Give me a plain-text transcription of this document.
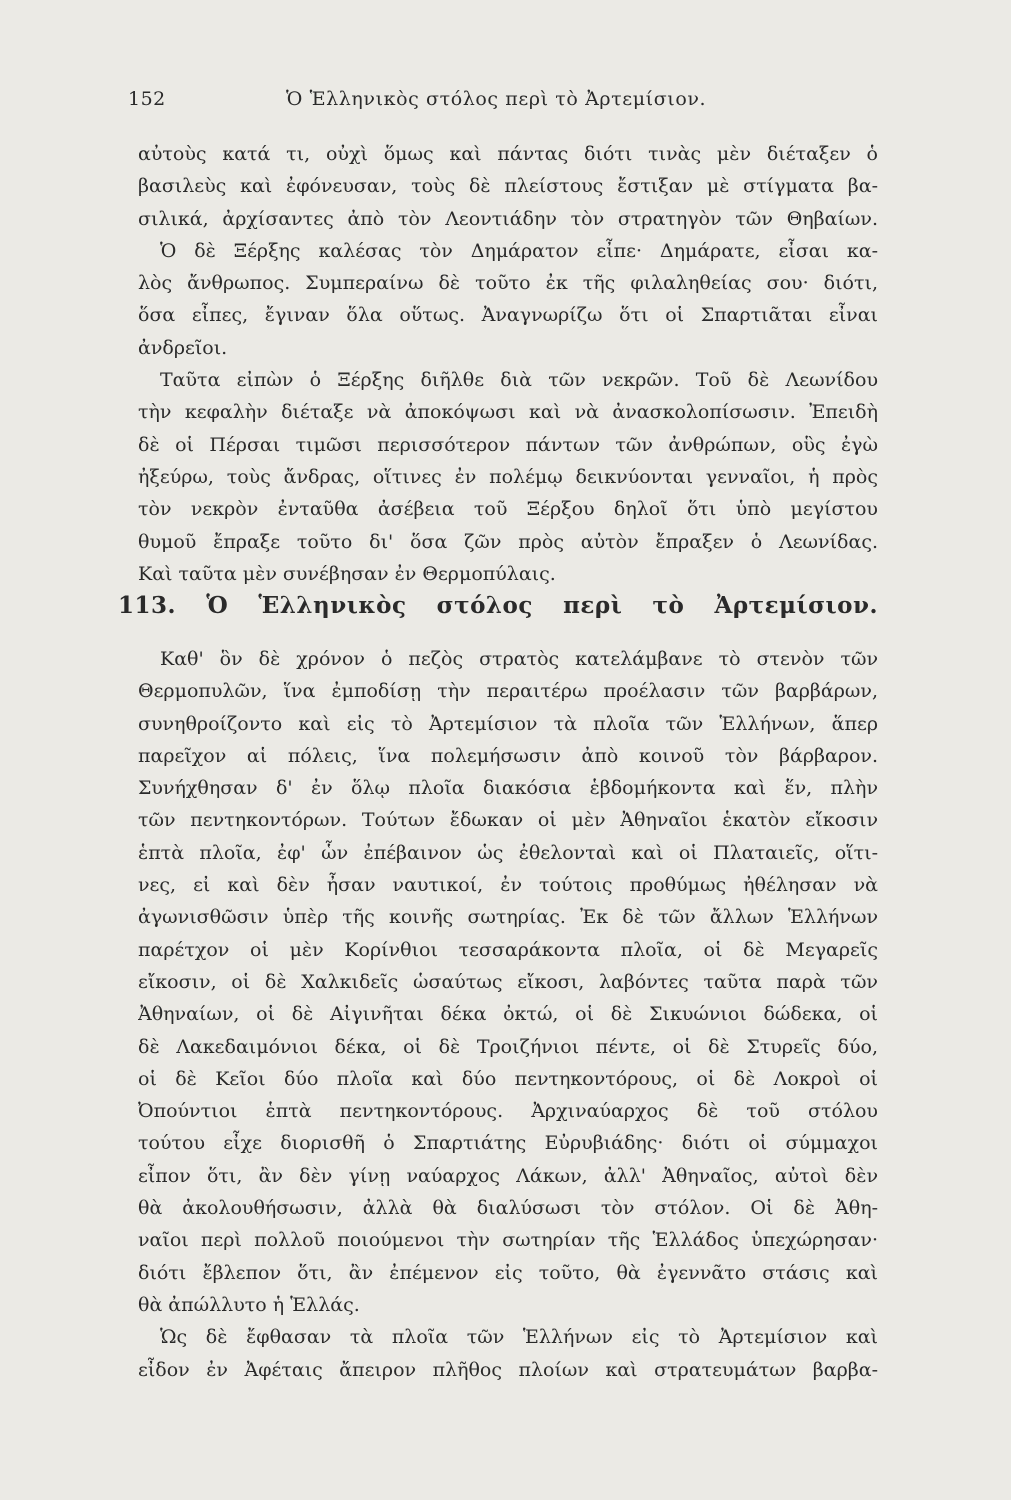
152	Ὁ Ἑλληνικὸς στόλος περὶ τὸ Ἀρτεμίσιον.
αὐτοὺς κατά τι, οὐχὶ ὅμως καὶ πάντας διότι τινὰς μὲν διέταξεν ὁ
βασιλεὺς καὶ ἐφόνευσαν, τοὺς δὲ πλείστους ἔστιξαν μὲ στίγματα βα-
σιλικά, ἀρχίσαντες ἀπὸ τὸν Λεοντιάδην τὸν στρατηγὸν τῶν Θηβαίων.
Ὁ δὲ Ξέρξης καλέσας τὸν Δημάρατον εἶπε· Δημάρατε, εἶσαι κα-
λὸς ἄνθρωπος. Συμπεραίνω δὲ τοῦτο ἐκ τῆς φιλαληθείας σου· διότι,
ὅσα εἶπες, ἔγιναν ὅλα οὕτως. Ἀναγνωρίζω ὅτι οἱ Σπαρτιᾶται εἶναι
ἀνδρεῖοι.
Ταῦτα εἰπὼν ὁ Ξέρξης διῆλθε διὰ τῶν νεκρῶν. Τοῦ δὲ Λεωνίδου
τὴν κεφαλὴν διέταξε νὰ ἀποκόψωσι καὶ νὰ ἀνασκολοπίσωσιν. Ἐπειδὴ
δὲ οἱ Πέρσαι τιμῶσι περισσότερον πάντων τῶν ἀνθρώπων, οὓς ἐγὼ
ἠξεύρω, τοὺς ἄνδρας, οἵτινες ἐν πολέμῳ δεικνύονται γενναῖοι, ἡ πρὸς
τὸν νεκρὸν ἐνταῦθα ἀσέβεια τοῦ Ξέρξου δηλοῖ ὅτι ὑπὸ μεγίστου
θυμοῦ ἔπραξε τοῦτο δι' ὅσα ζῶν πρὸς αὐτὸν ἔπραξεν ὁ Λεωνίδας.
Καὶ ταῦτα μὲν συνέβησαν ἐν Θερμοπύλαις.
113. Ὁ Ἑλληνικὸς στόλος περὶ τὸ Ἀρτεμίσιον.
Καθ' ὃν δὲ χρόνον ὁ πεζὸς στρατὸς κατελάμβανε τὸ στενὸν τῶν
Θερμοπυλῶν, ἵνα ἐμποδίσῃ τὴν περαιτέρω προέλασιν τῶν βαρβάρων,
συνηθροίζοντο καὶ εἰς τὸ Ἀρτεμίσιον τὰ πλοῖα τῶν Ἑλλήνων, ἅπερ
παρεῖχον αἱ πόλεις, ἵνα πολεμήσωσιν ἀπὸ κοινοῦ τὸν βάρβαρον.
Συνήχθησαν δ' ἐν ὅλῳ πλοῖα διακόσια ἑβδομήκοντα καὶ ἕν, πλὴν
τῶν πεντηκοντόρων. Τούτων ἔδωκαν οἱ μὲν Ἀθηναῖοι ἑκατὸν εἴκοσιν
ἑπτὰ πλοῖα, ἐφ' ὧν ἐπέβαινον ὡς ἐθελονταὶ καὶ οἱ Πλαταιεῖς, οἵτι-
νες, εἰ καὶ δὲν ἦσαν ναυτικοί, ἐν τούτοις προθύμως ἠθέλησαν νὰ
ἀγωνισθῶσιν ὑπὲρ τῆς κοινῆς σωτηρίας. Ἐκ δὲ τῶν ἄλλων Ἑλλήνων
παρέτχον οἱ μὲν Κορίνθιοι τεσσαράκοντα πλοῖα, οἱ δὲ Μεγαρεῖς
εἴκοσιν, οἱ δὲ Χαλκιδεῖς ὡσαύτως εἴκοσι, λαβόντες ταῦτα παρὰ τῶν
Ἀθηναίων, οἱ δὲ Αἰγινῆται δέκα ὀκτώ, οἱ δὲ Σικυώνιοι δώδεκα, οἱ
δὲ Λακεδαιμόνιοι δέκα, οἱ δὲ Τροιζήνιοι πέντε, οἱ δὲ Στυρεῖς δύο,
οἱ δὲ Κεῖοι δύο πλοῖα καὶ δύο πεντηκοντόρους, οἱ δὲ Λοκροὶ οἱ
Ὀπούντιοι ἑπτὰ πεντηκοντόρους. Ἀρχιναύαρχος δὲ τοῦ στόλου
τούτου εἶχε διορισθῆ ὁ Σπαρτιάτης Εὐρυβιάδης· διότι οἱ σύμμαχοι
εἶπον ὅτι, ἂν δὲν γίνῃ ναύαρχος Λάκων, ἀλλ' Ἀθηναῖος, αὐτοὶ δὲν
θὰ ἀκολουθήσωσιν, ἀλλὰ θὰ διαλύσωσι τὸν στόλον. Οἱ δὲ Ἀθη-
ναῖοι περὶ πολλοῦ ποιούμενοι τὴν σωτηρίαν τῆς Ἑλλάδος ὑπεχώρησαν·
διότι ἔβλεπον ὅτι, ἂν ἐπέμενον εἰς τοῦτο, θὰ ἐγεννᾶτο στάσις καὶ
θὰ ἀπώλλυτο ἡ Ἑλλάς.
Ὡς δὲ ἔφθασαν τὰ πλοῖα τῶν Ἑλλήνων εἰς τὸ Ἀρτεμίσιον καὶ
εἶδον ἐν Ἀφέταις ἄπειρον πλῆθος πλοίων καὶ στρατευμάτων βαρβα-
